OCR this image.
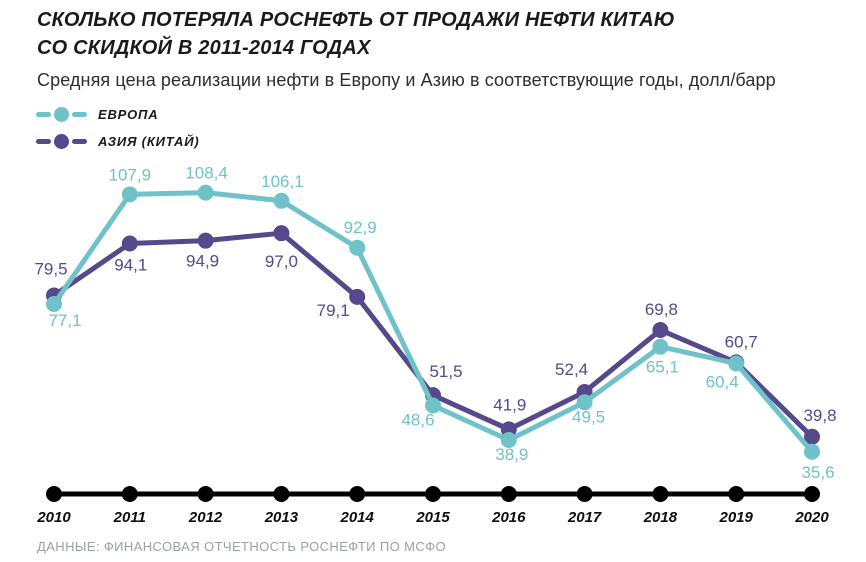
СКОЛЬКО ПОТЕРЯЛА РОСНЕФТЬ ОТ ПРОДАЖИ НЕФТИ КИТАЮ
СО СКИДКОЙ В 2011-2014 ГОДАХ

Средняя цена реализации нефти в Европу и Азию в соответствующие годы, долл/барр

ЕВРОПА
АЗИЯ (КИТАЙ)
2010	2011	2012	2013	2014	2015	2016	2017	2018	2019	2020
79,5	94,1 94,9	97,0
79,1
51,5
41,9
52,4
69,8
60,7
39,8
77,1
107,9 108,4 106,1
92,9
48,6
38,9
49,5
65,1
60,4
35,6

ДАННЫЕ: ФИНАНСОВАЯ ОТЧЕТНОСТЬ РОСНЕФТИ ПО МСФО
